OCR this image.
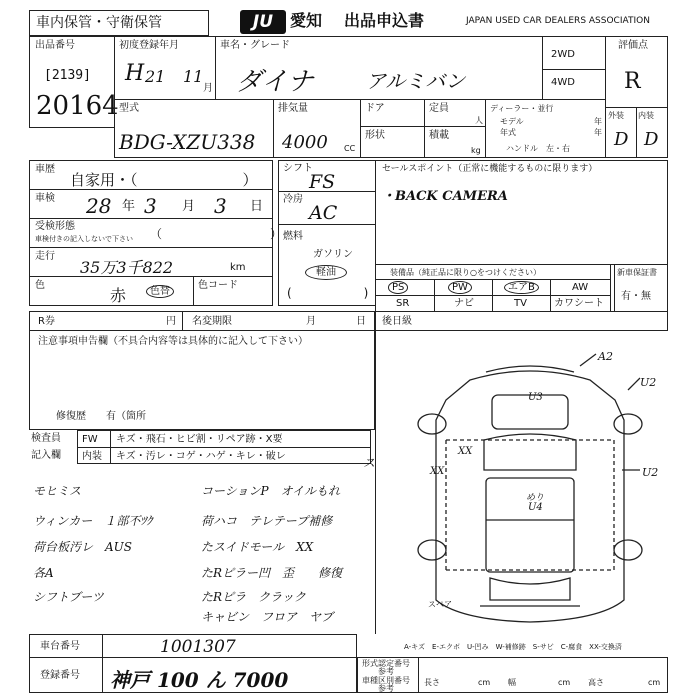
車内保管・守衛保管	JU	愛知 出品申込書	JAPAN USED CAR DEALERS ASSOCIATION
出品番号
[2139]
20164
初度登録年月
H 21 11
月
車名・グレード
ダイナ	アルミバン
2WD
4WD
評価点
R
外装 内装
D D
型式
BDG-XZU338
排気量
4000 CC
ドア
形状
定員
人
積載
kg
ディーラー・並行
モデル	年
年式	年
ハンドル　左・右
車歴
自家用・（　　　　　　　）
車検 28 年 3 月 3 日
受検形態
車検付きの記入しないで下さい （　　　　　　　　　）
走行
35万3千822	km
色
赤	色替
色コード
シフト
FS
冷房
AC
燃料
ガソリン
軽油
(　　　　　　)
セールスポイント（正常に機能するものに限ります）
・BACK CAMERA
装備品（純正品に限り○をつけください）
PS	PW	エアB	AW
SR	ナビ	TV	カワシート
新車保証書
有・無
R券	円 名変期限	月	日 後日級
注意事項申告欄（不具合内容等は具体的に記入して下さい）
修復歴　　有（箇所
検査員
記入欄
FW キズ・飛石・ヒビ割・リペア跡・X要
内装 キズ・汚レ・コゲ・ハゲ・キレ・破レ	ス
モヒミス	コーションP　オイルもれ
ウィンカー　１部不ﾂｸ	荷ハコ　テレテープ補修
荷台板汚レ　AUS	たスイドモール　XX
各A	たRピラー凹　歪　　修復
シフトブーツ	たRピラ　クラック
キャビン　フロア　ヤブ
A2
U2
U3
XX
XX	U2
U4
めり
スペア
A-キズ　E-エクボ　U-凹み　W-補修跡　S-サビ　C-腐食　XX-交換済
車台番号	1001307
登録番号 神戸 100 ん 7000
形式認定番号
参考
車種区別番号
参考
長さ	cm 幅	cm 高さ	cm
